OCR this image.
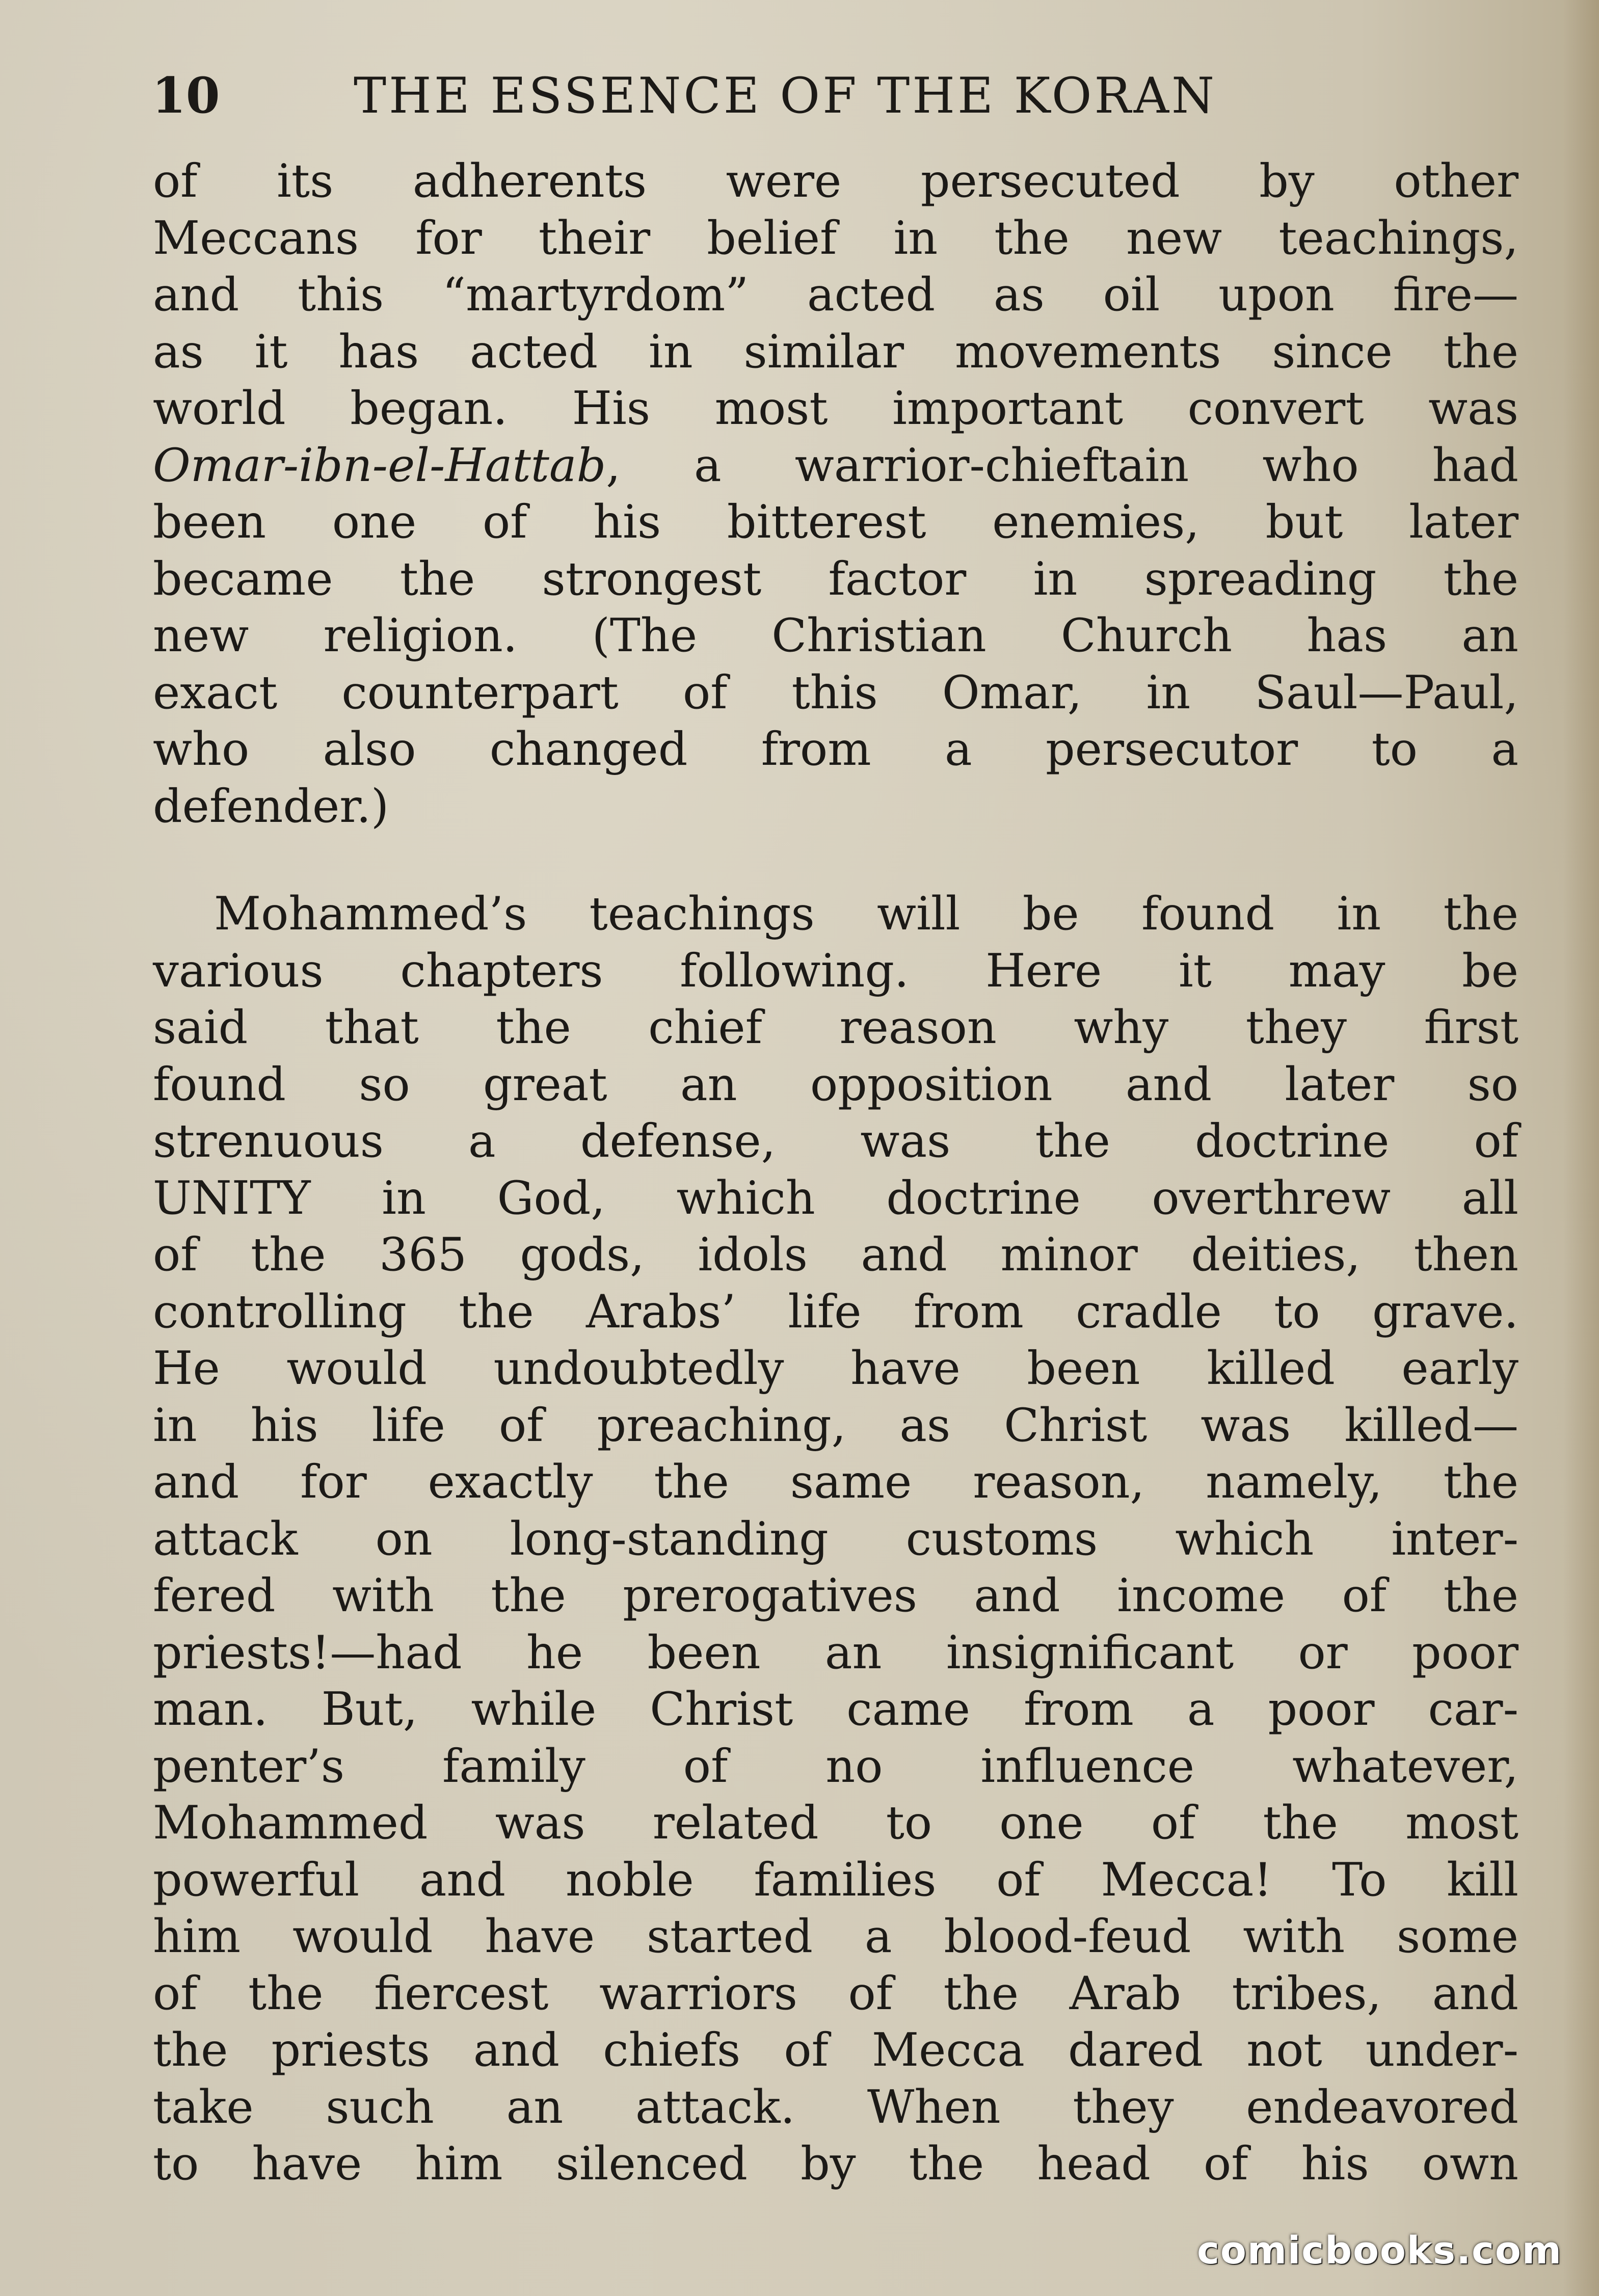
10	THE ESSENCE OF THE KORAN
of its adherents were persecuted by other
Meccans for their belief in the new teachings,
and this “martyrdom” acted as oil upon fire—
as it has acted in similar movements since the
world began. His most important convert was
Omar-ibn-el-Hattab, a warrior-chieftain who had
been one of his bitterest enemies, but later
became the strongest factor in spreading the
new religion. (The Christian Church has an
exact counterpart of this Omar, in Saul—Paul,
who also changed from a persecutor to a
defender.)
Mohammed’s teachings will be found in the
various chapters following. Here it may be
said that the chief reason why they first
found so great an opposition and later so
strenuous a defense, was the doctrine of
UNITY in God, which doctrine overthrew all
of the 365 gods, idols and minor deities, then
controlling the Arabs’ life from cradle to grave.
He would undoubtedly have been killed early
in his life of preaching, as Christ was killed—
and for exactly the same reason, namely, the
attack on long-standing customs which inter-
fered with the prerogatives and income of the
priests!—had he been an insignificant or poor
man. But, while Christ came from a poor car-
penter’s family of no influence whatever,
Mohammed was related to one of the most
powerful and noble families of Mecca! To kill
him would have started a blood-feud with some
of the fiercest warriors of the Arab tribes, and
the priests and chiefs of Mecca dared not under-
take such an attack. When they endeavored
to have him silenced by the head of his own
comicbooks.com
